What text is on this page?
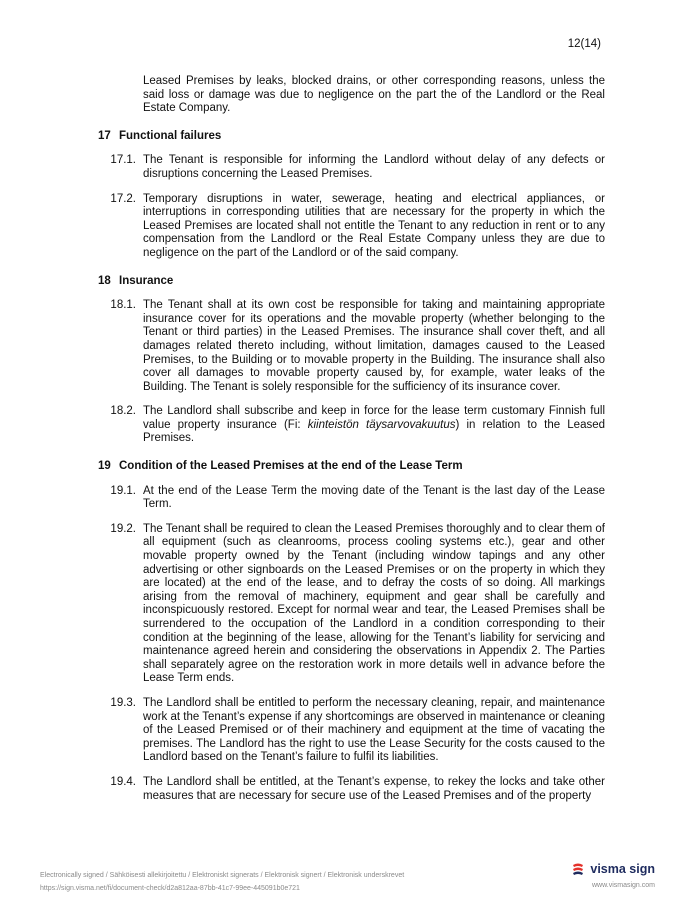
12(14)

Leased Premises by leaks, blocked drains, or other corresponding reasons, unless the said loss or damage was due to negligence on the part the of the Landlord or the Real Estate Company.

17 Functional failures
17.1. The Tenant is responsible for informing the Landlord without delay of any defects or disruptions concerning the Leased Premises.
17.2. Temporary disruptions in water, sewerage, heating and electrical appliances, or interruptions in corresponding utilities that are necessary for the property in which the Leased Premises are located shall not entitle the Tenant to any reduction in rent or to any compensation from the Landlord or the Real Estate Company unless they are due to negligence on the part of the Landlord or of the said company.
18 Insurance
18.1. The Tenant shall at its own cost be responsible for taking and maintaining appropriate insurance cover for its operations and the movable property (whether belonging to the Tenant or third parties) in the Leased Premises. The insurance shall cover theft, and all damages related thereto including, without limitation, damages caused to the Leased Premises, to the Building or to movable property in the Building. The insurance shall also cover all damages to movable property caused by, for example, water leaks of the Building. The Tenant is solely responsible for the sufficiency of its insurance cover.
18.2. The Landlord shall subscribe and keep in force for the lease term customary Finnish full value property insurance (Fi: kiinteistön täysarvovakuutus) in relation to the Leased Premises.
19 Condition of the Leased Premises at the end of the Lease Term
19.1. At the end of the Lease Term the moving date of the Tenant is the last day of the Lease Term.
19.2. The Tenant shall be required to clean the Leased Premises thoroughly and to clear them of all equipment (such as cleanrooms, process cooling systems etc.), gear and other movable property owned by the Tenant (including window tapings and any other advertising or other signboards on the Leased Premises or on the property in which they are located) at the end of the lease, and to defray the costs of so doing. All markings arising from the removal of machinery, equipment and gear shall be carefully and inconspicuously restored. Except for normal wear and tear, the Leased Premises shall be surrendered to the occupation of the Landlord in a condition corresponding to their condition at the beginning of the lease, allowing for the Tenant’s liability for servicing and maintenance agreed herein and considering the observations in Appendix 2. The Parties shall separately agree on the restoration work in more details well in advance before the Lease Term ends.
19.3. The Landlord shall be entitled to perform the necessary cleaning, repair, and maintenance work at the Tenant’s expense if any shortcomings are observed in maintenance or cleaning of the Leased Premised or of their machinery and equipment at the time of vacating the premises. The Landlord has the right to use the Lease Security for the costs caused to the Landlord based on the Tenant’s failure to fulfil its liabilities.
19.4. The Landlord shall be entitled, at the Tenant’s expense, to rekey the locks and take other measures that are necessary for secure use of the Leased Premises and of the property
Electronically signed / Sähköisesti allekirjoitettu / Elektroniskt signerats / Elektronisk signert / Elektronisk underskrevet
https://sign.visma.net/fi/document-check/d2a812aa-87bb-41c7-99ee-445091b0e721
visma sign
www.vismasign.com
